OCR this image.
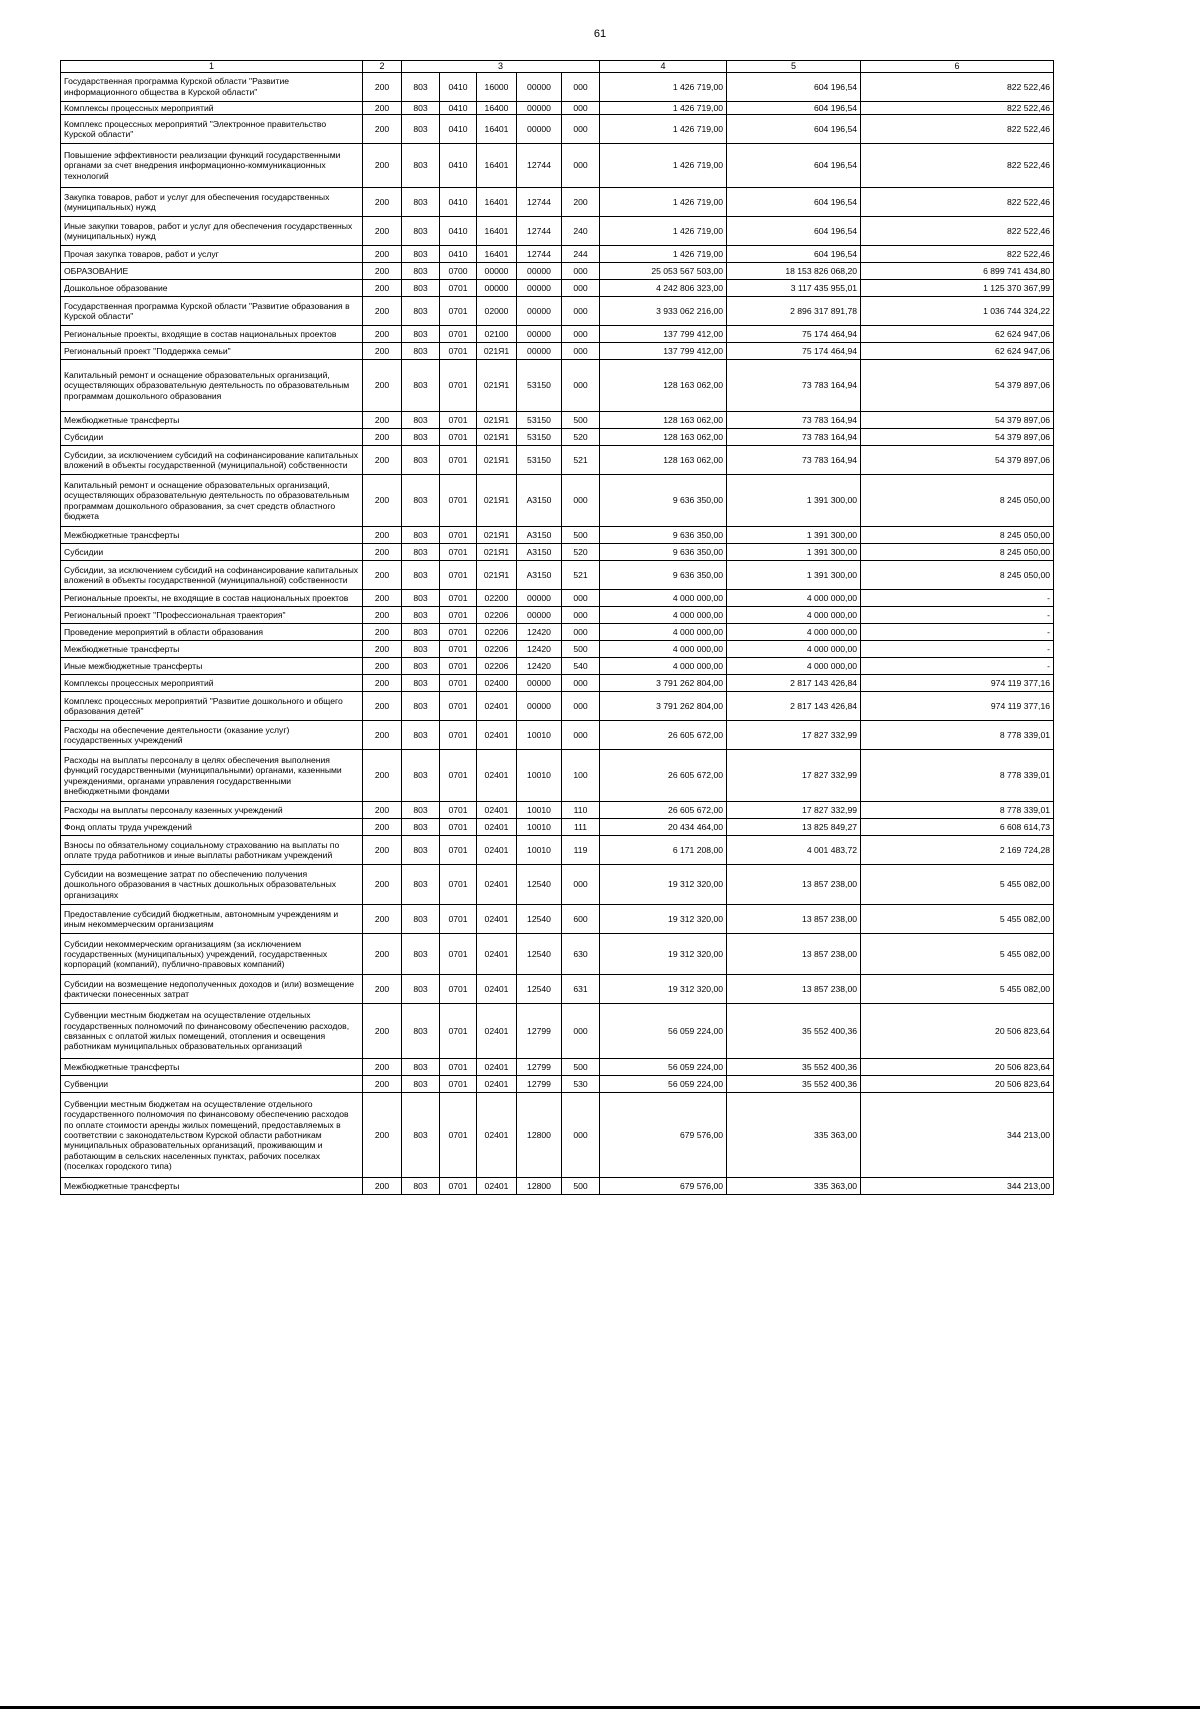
61
1	2	3					4	5	6
Государственная программа Курской области "Развитие информационного общества в Курской области"	200	803	0410	16000	00000	000	1 426 719,00	604 196,54	822 522,46
Комплексы процессных мероприятий	200	803	0410	16400	00000	000	1 426 719,00	604 196,54	822 522,46
Комплекс процессных мероприятий "Электронное правительство Курской области"	200	803	0410	16401	00000	000	1 426 719,00	604 196,54	822 522,46
Повышение эффективности реализации функций государственными органами за счет внедрения информационно-коммуникационных технологий	200	803	0410	16401	12744	000	1 426 719,00	604 196,54	822 522,46
Закупка товаров, работ и услуг для обеспечения государственных (муниципальных) нужд	200	803	0410	16401	12744	200	1 426 719,00	604 196,54	822 522,46
Иные закупки товаров, работ и услуг для обеспечения государственных (муниципальных) нужд	200	803	0410	16401	12744	240	1 426 719,00	604 196,54	822 522,46
Прочая закупка товаров, работ и услуг	200	803	0410	16401	12744	244	1 426 719,00	604 196,54	822 522,46
ОБРАЗОВАНИЕ	200	803	0700	00000	00000	000	25 053 567 503,00	18 153 826 068,20	6 899 741 434,80
Дошкольное образование	200	803	0701	00000	00000	000	4 242 806 323,00	3 117 435 955,01	1 125 370 367,99
Государственная программа Курской области "Развитие образования в Курской области"	200	803	0701	02000	00000	000	3 933 062 216,00	2 896 317 891,78	1 036 744 324,22
Региональные проекты, входящие в состав национальных проектов	200	803	0701	02100	00000	000	137 799 412,00	75 174 464,94	62 624 947,06
Региональный проект "Поддержка семьи"	200	803	0701	021Я1	00000	000	137 799 412,00	75 174 464,94	62 624 947,06
Капитальный ремонт и оснащение образовательных организаций, осуществляющих образовательную деятельность по образовательным программам дошкольного образования	200	803	0701	021Я1	53150	000	128 163 062,00	73 783 164,94	54 379 897,06
Межбюджетные трансферты	200	803	0701	021Я1	53150	500	128 163 062,00	73 783 164,94	54 379 897,06
Субсидии	200	803	0701	021Я1	53150	520	128 163 062,00	73 783 164,94	54 379 897,06
Субсидии, за исключением субсидий на софинансирование капитальных вложений в объекты государственной (муниципальной) собственности	200	803	0701	021Я1	53150	521	128 163 062,00	73 783 164,94	54 379 897,06
Капитальный ремонт и оснащение образовательных организаций, осуществляющих образовательную деятельность по образовательным программам дошкольного образования, за счет средств областного бюджета	200	803	0701	021Я1	А3150	000	9 636 350,00	1 391 300,00	8 245 050,00
Межбюджетные трансферты	200	803	0701	021Я1	А3150	500	9 636 350,00	1 391 300,00	8 245 050,00
Субсидии	200	803	0701	021Я1	А3150	520	9 636 350,00	1 391 300,00	8 245 050,00
Субсидии, за исключением субсидий на софинансирование капитальных вложений в объекты государственной (муниципальной) собственности	200	803	0701	021Я1	А3150	521	9 636 350,00	1 391 300,00	8 245 050,00
Региональные проекты, не входящие в состав национальных проектов	200	803	0701	02200	00000	000	4 000 000,00	4 000 000,00	-
Региональный проект "Профессиональная траектория"	200	803	0701	02206	00000	000	4 000 000,00	4 000 000,00	-
Проведение мероприятий в области образования	200	803	0701	02206	12420	000	4 000 000,00	4 000 000,00	-
Межбюджетные трансферты	200	803	0701	02206	12420	500	4 000 000,00	4 000 000,00	-
Иные межбюджетные трансферты	200	803	0701	02206	12420	540	4 000 000,00	4 000 000,00	-
Комплексы процессных мероприятий	200	803	0701	02400	00000	000	3 791 262 804,00	2 817 143 426,84	974 119 377,16
Комплекс процессных мероприятий "Развитие дошкольного и общего образования детей"	200	803	0701	02401	00000	000	3 791 262 804,00	2 817 143 426,84	974 119 377,16
Расходы на обеспечение деятельности (оказание услуг) государственных учреждений	200	803	0701	02401	10010	000	26 605 672,00	17 827 332,99	8 778 339,01
Расходы на выплаты персоналу в целях обеспечения выполнения функций государственными (муниципальными) органами, казенными учреждениями, органами управления государственными внебюджетными фондами	200	803	0701	02401	10010	100	26 605 672,00	17 827 332,99	8 778 339,01
Расходы на выплаты персоналу казенных учреждений	200	803	0701	02401	10010	110	26 605 672,00	17 827 332,99	8 778 339,01
Фонд оплаты труда учреждений	200	803	0701	02401	10010	111	20 434 464,00	13 825 849,27	6 608 614,73
Взносы по обязательному социальному страхованию на выплаты по оплате труда работников и иные выплаты работникам учреждений	200	803	0701	02401	10010	119	6 171 208,00	4 001 483,72	2 169 724,28
Субсидии на возмещение затрат по обеспечению получения дошкольного образования в частных дошкольных образовательных организациях	200	803	0701	02401	12540	000	19 312 320,00	13 857 238,00	5 455 082,00
Предоставление субсидий бюджетным, автономным учреждениям и иным некоммерческим организациям	200	803	0701	02401	12540	600	19 312 320,00	13 857 238,00	5 455 082,00
Субсидии некоммерческим организациям (за исключением государственных (муниципальных) учреждений, государственных корпораций (компаний), публично-правовых компаний)	200	803	0701	02401	12540	630	19 312 320,00	13 857 238,00	5 455 082,00
Субсидии на возмещение недополученных доходов и (или) возмещение фактически понесенных затрат	200	803	0701	02401	12540	631	19 312 320,00	13 857 238,00	5 455 082,00
Субвенции местным бюджетам на осуществление отдельных государственных полномочий по финансовому обеспечению расходов, связанных с оплатой жилых помещений, отопления и освещения работникам муниципальных образовательных организаций	200	803	0701	02401	12799	000	56 059 224,00	35 552 400,36	20 506 823,64
Межбюджетные трансферты	200	803	0701	02401	12799	500	56 059 224,00	35 552 400,36	20 506 823,64
Субвенции	200	803	0701	02401	12799	530	56 059 224,00	35 552 400,36	20 506 823,64
Субвенции местным бюджетам на осуществление отдельного государственного полномочия по финансовому обеспечению расходов по оплате стоимости аренды жилых помещений, предоставляемых в соответствии с законодательством Курской области работникам муниципальных образовательных организаций, проживающим и работающим в сельских населенных пунктах, рабочих поселках (поселках городского типа)	200	803	0701	02401	12800	000	679 576,00	335 363,00	344 213,00
Межбюджетные трансферты	200	803	0701	02401	12800	500	679 576,00	335 363,00	344 213,00
